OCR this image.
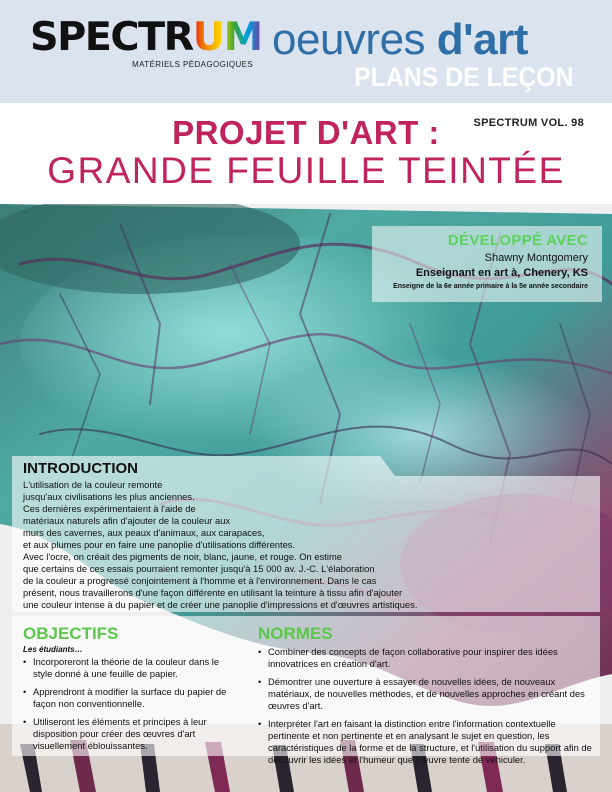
SPECTRUM
MATÉRIELS PÉDAGOGIQUES
oeuvres d'art
PLANS DE LEÇON
PROJET D'ART :	SPECTRUM VOL. 98
GRANDE FEUILLE TEINTÉE
DÉVELOPPÉ AVEC
Shawny Montgomery
Enseignant en art à, Chenery, KS
Enseigne de la 6e année primaire à la 5e année secondaire
INTRODUCTION
L'utilisation de la couleur remonte
jusqu'aux civilisations les plus anciennes.
Ces dernières expérimentaient à l'aide de
matériaux naturels afin d'ajouter de la couleur aux
murs des cavernes, aux peaux d'animaux, aux carapaces,
et aux plumes pour en faire une panoplie d'utilisations différentes.
Avec l'ocre, on créait des pigments de noir, blanc, jaune, et rouge. On estime
que certains de ces essais pourraient remonter jusqu'à 15 000 av. J.-C. L'élaboration
de la couleur a progressé conjointement à l'homme et à l'environnement. Dans le cas
présent, nous travaillerons d'une façon différente en utilisant la teinture à tissu afin d'ajouter
une couleur intense à du papier et de créer une panoplie d'impressions et d'œuvres artistiques.
OBJECTIFS
Les étudiants…
• Incorporeront la théorie de la couleur dans le style donné à une feuille de papier.
• Apprendront à modifier la surface du papier de façon non conventionnelle.
• Utiliseront les éléments et principes à leur disposition pour créer des œuvres d'art visuellement éblouissantes.
NORMES
• Combiner des concepts de façon collaborative pour inspirer des idées innovatrices en création d'art.
• Démontrer une ouverture à essayer de nouvelles idées, de nouveaux matériaux, de nouvelles méthodes, et de nouvelles approches en créant des œuvres d'art.
• Interpréter l'art en faisant la distinction entre l'information contextuelle pertinente et non pertinente et en analysant le sujet en question, les caractéristiques de la forme et de la structure, et l'utilisation du support afin de découvrir les idées et l'humeur que l'œuvre tente de véhiculer.
